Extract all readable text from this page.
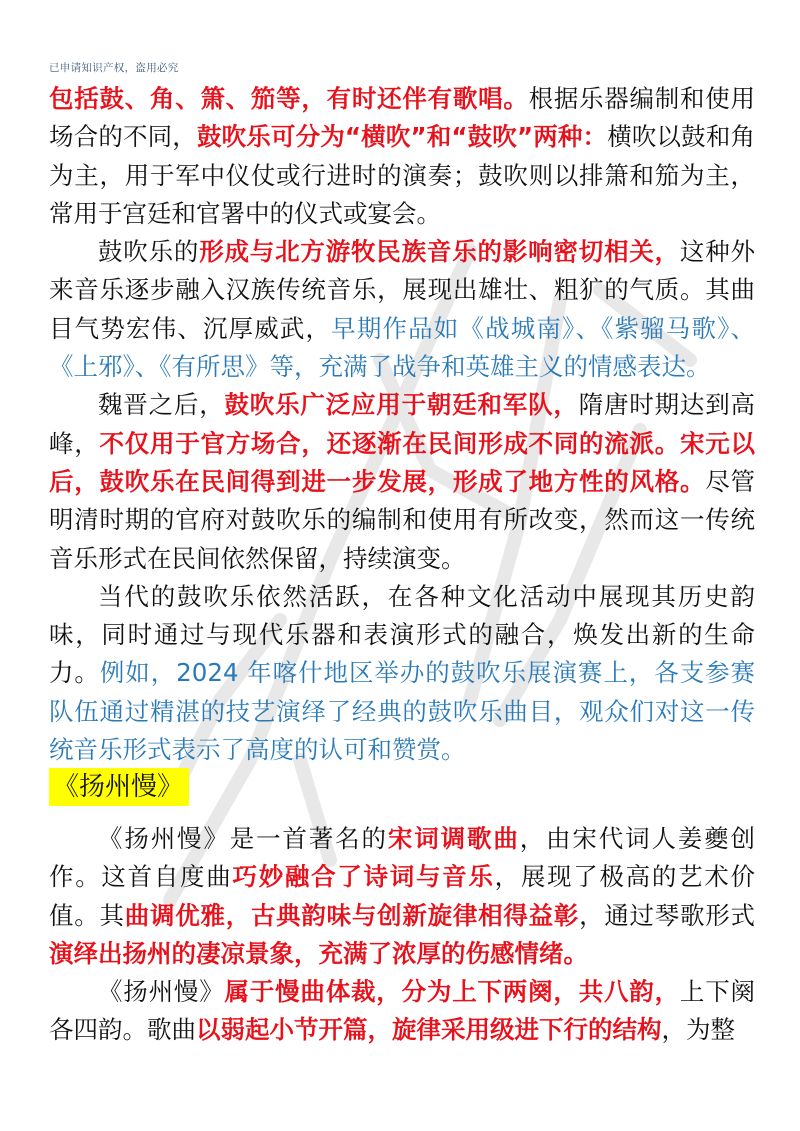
已申请知识产权，盗用必究

包括鼓、角、箫、笳等，有时还伴有歌唱。根据乐器编制和使用场合的不同，鼓吹乐可分为“横吹”和“鼓吹”两种：横吹以鼓和角为主，用于军中仪仗或行进时的演奏；鼓吹则以排箫和笳为主，常用于宫廷和官署中的仪式或宴会。

鼓吹乐的形成与北方游牧民族音乐的影响密切相关，这种外来音乐逐步融入汉族传统音乐，展现出雄壮、粗犷的气质。其曲目气势宏伟、沉厚威武，早期作品如《战城南》、《紫骝马歌》、《上邪》、《有所思》等，充满了战争和英雄主义的情感表达。

魏晋之后，鼓吹乐广泛应用于朝廷和军队，隋唐时期达到高峰，不仅用于官方场合，还逐渐在民间形成不同的流派。宋元以后，鼓吹乐在民间得到进一步发展，形成了地方性的风格。尽管明清时期的官府对鼓吹乐的编制和使用有所改变，然而这一传统音乐形式在民间依然保留，持续演变。

当代的鼓吹乐依然活跃，在各种文化活动中展现其历史韵味，同时通过与现代乐器和表演形式的融合，焕发出新的生命力。例如，2024 年喀什地区举办的鼓吹乐展演赛上，各支参赛队伍通过精湛的技艺演绎了经典的鼓吹乐曲目，观众们对这一传统音乐形式表示了高度的认可和赞赏。

《扬州慢》

《扬州慢》是一首著名的宋词调歌曲，由宋代词人姜夔创作。这首自度曲巧妙融合了诗词与音乐，展现了极高的艺术价值。其曲调优雅，古典韵味与创新旋律相得益彰，通过琴歌形式演绎出扬州的凄凉景象，充满了浓厚的伤感情绪。

《扬州慢》属于慢曲体裁，分为上下两阕，共八韵，上下阕各四韵。歌曲以弱起小节开篇，旋律采用级进下行的结构，为整
